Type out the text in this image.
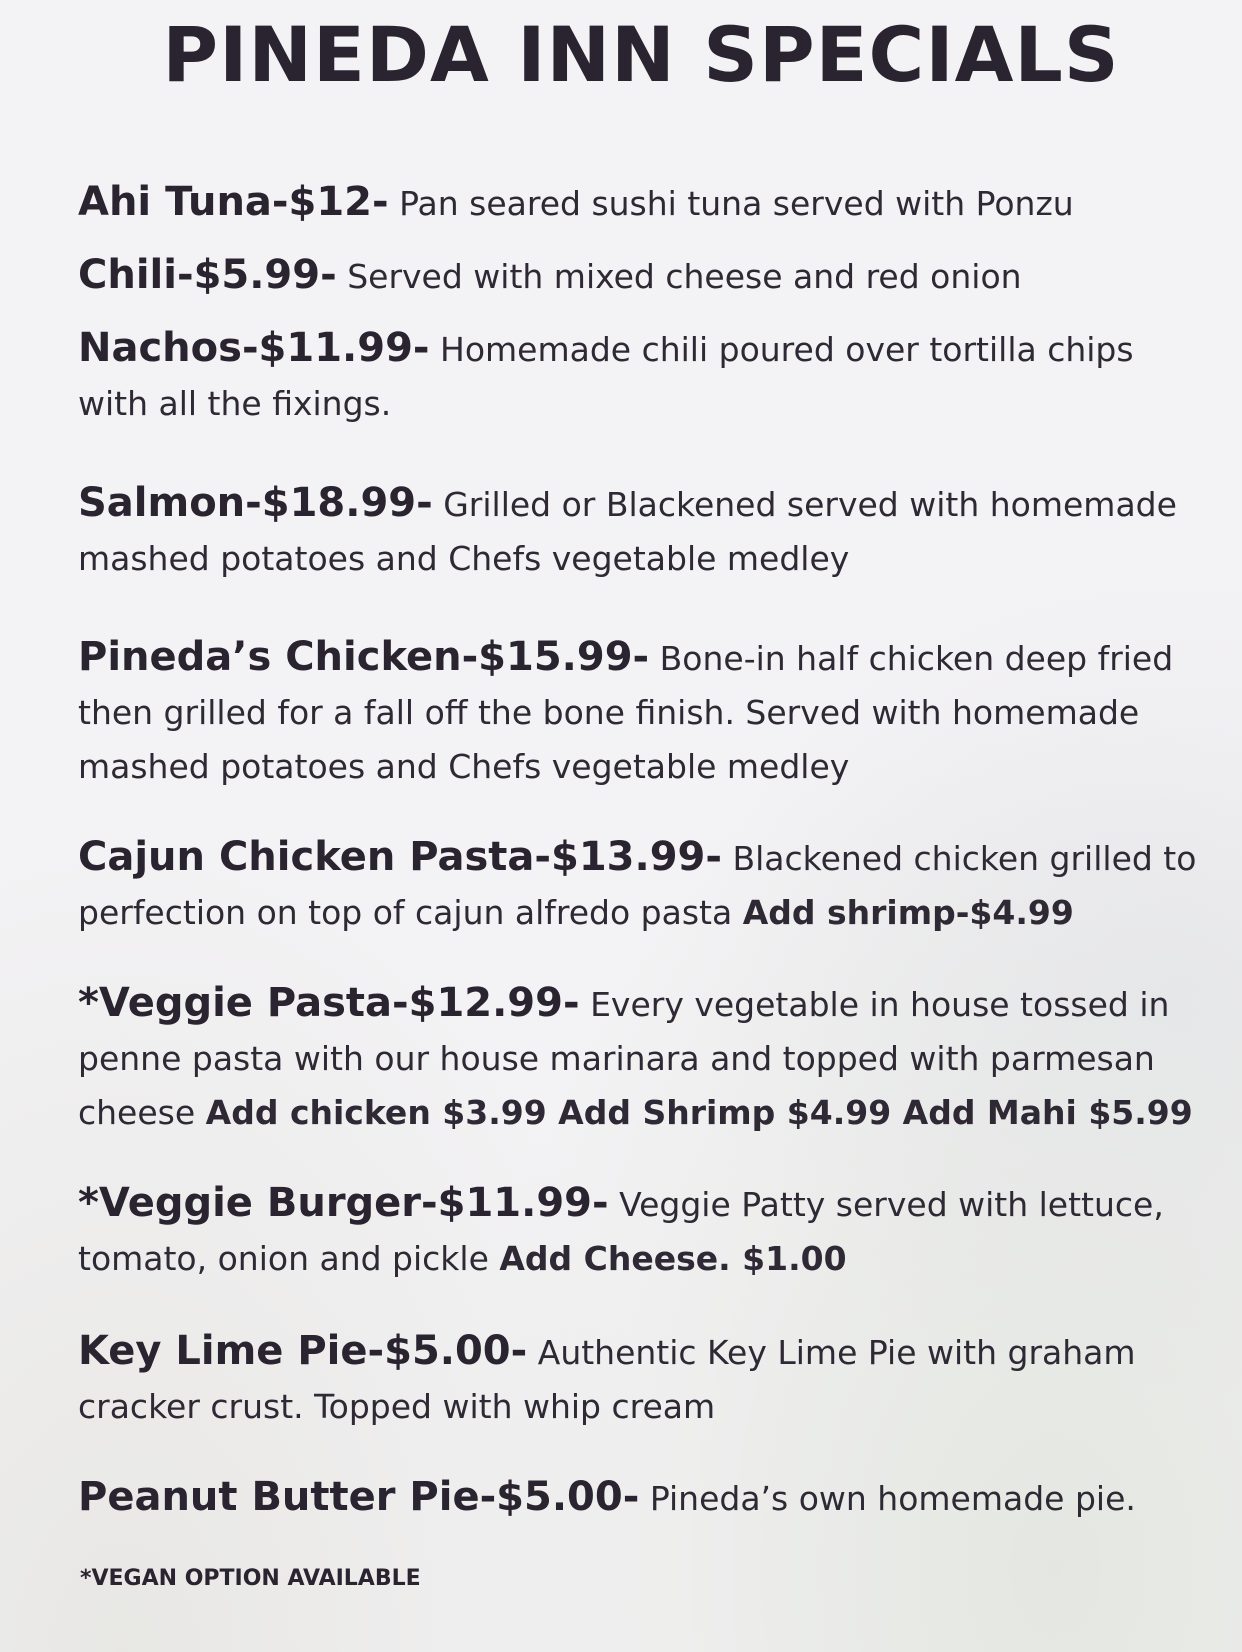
PINEDA INN SPECIALS
Ahi Tuna-$12- Pan seared sushi tuna served with Ponzu
Chili-$5.99- Served with mixed cheese and red onion
Nachos-$11.99- Homemade chili poured over tortilla chips with all the fixings.
Salmon-$18.99- Grilled or Blackened served with homemade mashed potatoes and Chefs vegetable medley
Pineda’s Chicken-$15.99- Bone-in half chicken deep fried then grilled for a fall off the bone finish. Served with homemade mashed potatoes and Chefs vegetable medley
Cajun Chicken Pasta-$13.99- Blackened chicken grilled to perfection on top of cajun alfredo pasta Add shrimp-$4.99
*Veggie Pasta-$12.99- Every vegetable in house tossed in penne pasta with our house marinara and topped with parmesan cheese Add chicken $3.99 Add Shrimp $4.99 Add Mahi $5.99
*Veggie Burger-$11.99- Veggie Patty served with lettuce, tomato, onion and pickle Add Cheese. $1.00
Key Lime Pie-$5.00- Authentic Key Lime Pie with graham cracker crust. Topped with whip cream
Peanut Butter Pie-$5.00- Pineda’s own homemade pie.
*VEGAN OPTION AVAILABLE
